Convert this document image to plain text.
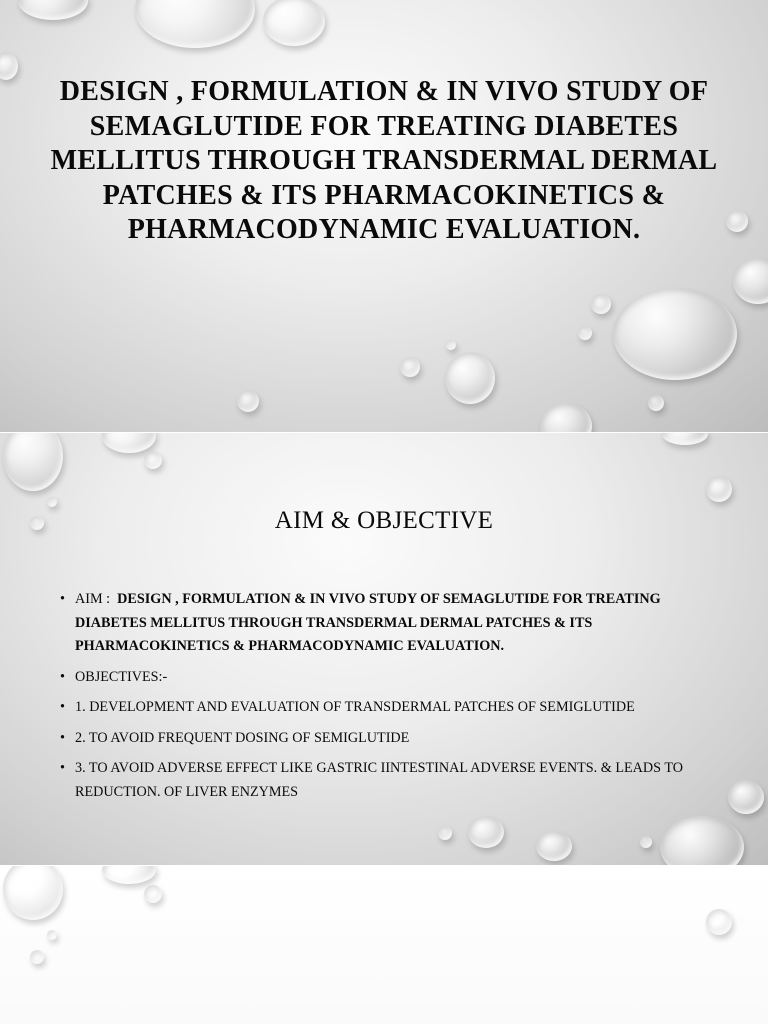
DESIGN , FORMULATION & IN VIVO STUDY OF SEMAGLUTIDE FOR TREATING DIABETES MELLITUS THROUGH TRANSDERMAL DERMAL PATCHES & ITS PHARMACOKINETICS & PHARMACODYNAMIC EVALUATION.
AIM & OBJECTIVE
• AIM : DESIGN , FORMULATION & IN VIVO STUDY OF SEMAGLUTIDE FOR TREATING DIABETES MELLITUS THROUGH TRANSDERMAL DERMAL PATCHES & ITS PHARMACOKINETICS & PHARMACODYNAMIC EVALUATION.
• OBJECTIVES:-
• 1. DEVELOPMENT AND EVALUATION OF TRANSDERMAL PATCHES OF SEMIGLUTIDE
• 2. TO AVOID FREQUENT DOSING OF SEMIGLUTIDE
• 3. TO AVOID ADVERSE EFFECT LIKE GASTRIC IINTESTINAL ADVERSE EVENTS. & LEADS TO REDUCTION. OF LIVER ENZYMES
